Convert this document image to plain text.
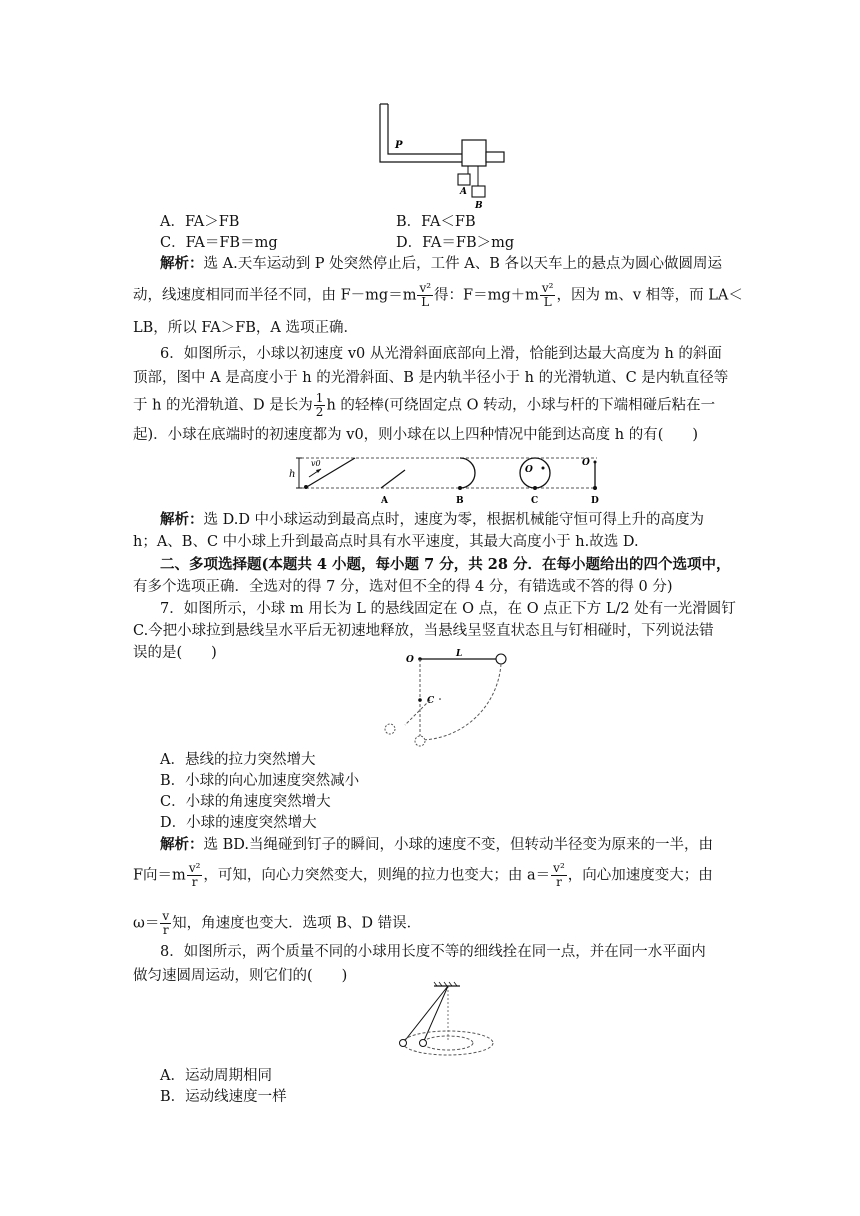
P
A
B
A．FA＞FB	B．FA＜FB
C．FA＝FB＝mg	D．FA＝FB＞mg
解析：选 A.天车运动到 P 处突然停止后，工件 A、B 各以天车上的悬点为圆心做圆周运
动，线速度相同而半径不同，由 $F-mg=m \frac{\text{v²}}{L}$ 得：$F=mg+m \frac{\text{v²}}{L}$ ，因为 m、v 相等，而 LA＜
LB，所以 FA＞FB，A 选项正确．
6．如图所示，小球以初速度 v0 从光滑斜面底部向上滑，恰能到达最大高度为 h 的斜面
顶部，图中 A 是高度小于 h 的光滑斜面、B 是内轨半径小于 h 的光滑轨道、C 是内轨直径等
于 h 的光滑轨道、D 是长为 $\frac{1}{2}$ h 的轻棒(可绕固定点 O 转动，小球与杆的下端相碰后粘在一
起)．小球在底端时的初速度都为 v0，则小球在以上四种情况中能到达高度 h 的有(　　)
h
v0
A	B
O
C
O
D
解析：选 D.D 中小球运动到最高点时，速度为零，根据机械能守恒可得上升的高度为
h；A、B、C 中小球上升到最高点时具有水平速度，其最大高度小于 h.故选 D.
二、多项选择题(本题共 4 小题，每小题 7 分，共 28 分．在每小题给出的四个选项中，
有多个选项正确．全选对的得 7 分，选对但不全的得 4 分，有错选或不答的得 0 分)
7．如图所示，小球 m 用长为 L 的悬线固定在 O 点，在 O 点正下方 L/2 处有一光滑圆钉
C.今把小球拉到悬线呈水平后无初速地释放，当悬线呈竖直状态且与钉相碰时，下列说法错
误的是(　　)	O
L
C
A．悬线的拉力突然增大
B．小球的向心加速度突然减小
C．小球的角速度突然增大
D．小球的速度突然增大
解析：选 BD.当绳碰到钉子的瞬间，小球的速度不变，但转动半径变为原来的一半，由
F向$=m \frac{\text{v²}}{r}$ ，可知，向心力突然变大，则绳的拉力也变大；由 $a= \frac{\text{v²}}{r}$ ，向心加速度变大；由
$\omega= \frac{v}{r}$ 知，角速度也变大．选项 B、D 错误．
8．如图所示，两个质量不同的小球用长度不等的细线拴在同一点，并在同一水平面内
做匀速圆周运动，则它们的(　　)
A．运动周期相同
B．运动线速度一样
